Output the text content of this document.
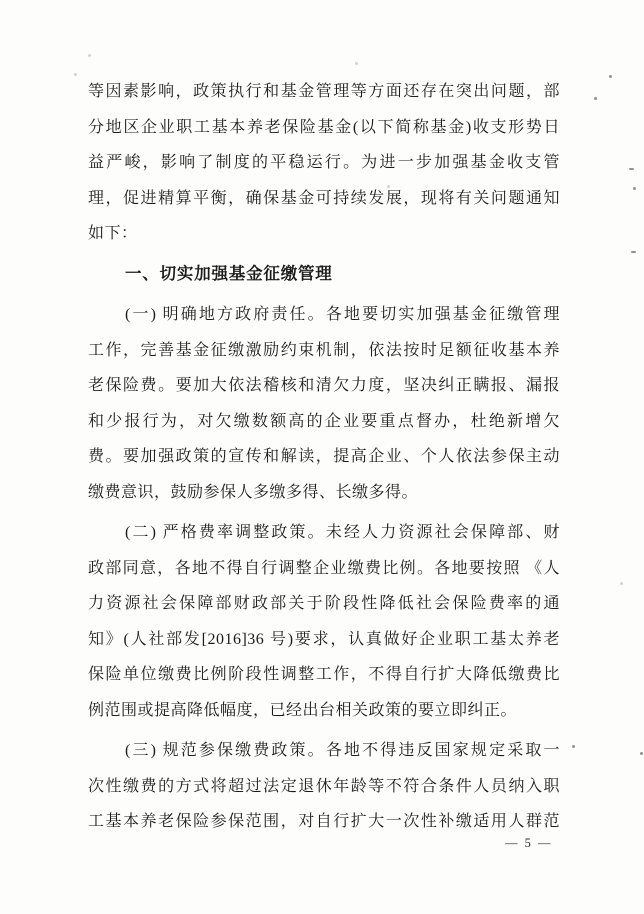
等因素影响，政策执行和基金管理等方面还存在突出问题，部
分地区企业职工基本养老保险基金(以下简称基金)收支形势日
益严峻，影响了制度的平稳运行。为进一步加强基金收支管
理，促进精算平衡，确保基金可持续发展，现将有关问题通知
如下：
一、切实加强基金征缴管理
(一) 明确地方政府责任。各地要切实加强基金征缴管理
工作，完善基金征缴激励约束机制，依法按时足额征收基本养
老保险费。要加大依法稽核和清欠力度，坚决纠正瞒报、漏报
和少报行为，对欠缴数额高的企业要重点督办，杜绝新增欠
费。要加强政策的宣传和解读，提高企业、个人依法参保主动
缴费意识，鼓励参保人多缴多得、长缴多得。
(二) 严格费率调整政策。未经人力资源社会保障部、财
政部同意，各地不得自行调整企业缴费比例。各地要按照 《人
力资源社会保障部财政部关于阶段性降低社会保险费率的通
知》(人社部发[2016]36 号)要求，认真做好企业职工基太养老
保险单位缴费比例阶段性调整工作，不得自行扩大降低缴费比
例范围或提高降低幅度，已经出台相关政策的要立即纠正。
(三) 规范参保缴费政策。各地不得违反国家规定采取一
次性缴费的方式将超过法定退休年龄等不符合条件人员纳入职
工基本养老保险参保范围，对自行扩大一次性补缴适用人群范
— 5 —
